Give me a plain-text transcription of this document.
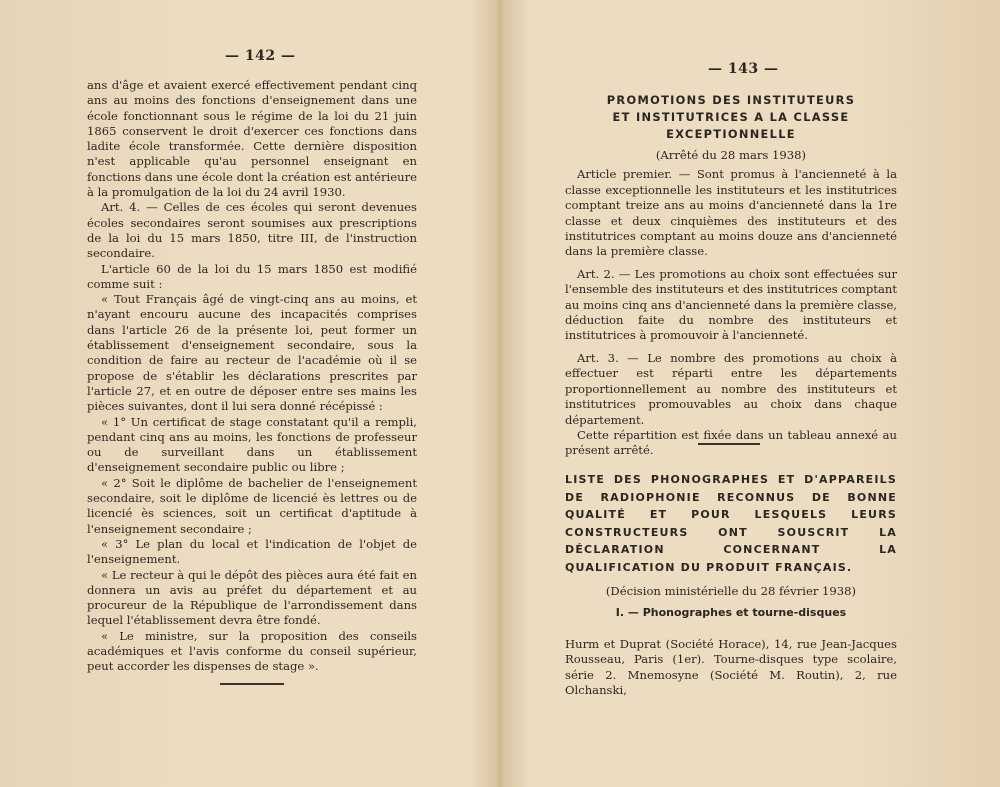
— 142 —

ans d'âge et avaient exercé effectivement pendant cinq ans au moins des fonctions d'enseignement dans une école fonctionnant sous le régime de la loi du 21 juin 1865 conservent le droit d'exercer ces fonctions dans ladite école transformée. Cette dernière disposition n'est applicable qu'au personnel enseignant en fonctions dans une école dont la création est antérieure à la promulgation de la loi du 24 avril 1930.

Art. 4. — Celles de ces écoles qui seront devenues écoles secondaires seront soumises aux prescriptions de la loi du 15 mars 1850, titre III, de l'instruction secondaire.

L'article 60 de la loi du 15 mars 1850 est modifié comme suit :

« Tout Français âgé de vingt-cinq ans au moins, et n'ayant encouru aucune des incapacités comprises dans l'article 26 de la présente loi, peut former un établissement d'enseignement secondaire, sous la condition de faire au recteur de l'académie où il se propose de s'établir les déclarations prescrites par l'article 27, et en outre de déposer entre ses mains les pièces suivantes, dont il lui sera donné récépissé :

« 1° Un certificat de stage constatant qu'il a rempli, pendant cinq ans au moins, les fonctions de professeur ou de surveillant dans un établissement d'enseignement secondaire public ou libre ;

« 2° Soit le diplôme de bachelier de l'enseignement secondaire, soit le diplôme de licencié ès lettres ou de licencié ès sciences, soit un certificat d'aptitude à l'enseignement secondaire ;

« 3° Le plan du local et l'indication de l'objet de l'enseignement.

« Le recteur à qui le dépôt des pièces aura été fait en donnera un avis au préfet du département et au procureur de la République de l'arrondissement dans lequel l'établissement devra être fondé.

« Le ministre, sur la proposition des conseils académiques et l'avis conforme du conseil supérieur, peut accorder les dispenses de stage ».

— 143 —
PROMOTIONS DES INSTITUTEURS
ET INSTITUTRICES A LA CLASSE EXCEPTIONNELLE
(Arrêté du 28 mars 1938)

Article premier. — Sont promus à l'ancienneté à la classe exceptionnelle les instituteurs et les institutrices comptant treize ans au moins d'ancienneté dans la 1re classe et deux cinquièmes des instituteurs et des institutrices comptant au moins douze ans d'ancienneté dans la première classe.

Art. 2. — Les promotions au choix sont effectuées sur l'ensemble des instituteurs et des institutrices comptant au moins cinq ans d'ancienneté dans la première classe, déduction faite du nombre des instituteurs et institutrices à promouvoir à l'ancienneté.

Art. 3. — Le nombre des promotions au choix à effectuer est réparti entre les départements proportionnellement au nombre des instituteurs et institutrices promouvables au choix dans chaque département.

Cette répartition est fixée dans un tableau annexé au présent arrêté.

LISTE DES PHONOGRAPHES ET D'APPAREILS DE RADIOPHONIE RECONNUS DE BONNE QUALITÉ ET POUR LESQUELS LEURS CONSTRUCTEURS ONT SOUSCRIT LA DÉCLARATION CONCERNANT LA QUALIFICATION DU PRODUIT FRANÇAIS.
(Décision ministérielle du 28 février 1938)
I. — Phonographes et tourne-disques

Hurm et Duprat (Société Horace), 14, rue Jean-Jacques Rousseau, Paris (1er). Tourne-disques type scolaire, série 2. Mnemosyne (Société M. Routin), 2, rue Olchanski,
